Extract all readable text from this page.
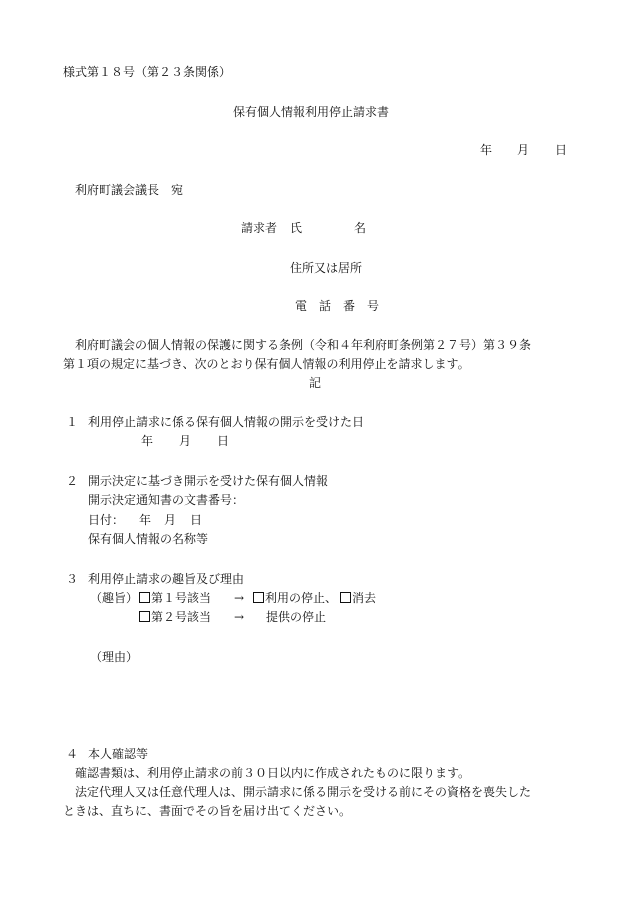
様式第１８号（第２３条関係）
保有個人情報利用停止請求書
年 月 日
利府町議会議長　宛
請求者 氏	名
住所又は居所
電　話　番　号
利府町議会の個人情報の保護に関する条例（令和４年利府町条例第２７号）第３９条
第１項の規定に基づき、次のとおり保有個人情報の利用停止を請求します。
記
１ 利用停止請求に係る保有個人情報の開示を受けた日
年 月 日
２ 開示決定に基づき開示を受けた保有個人情報
開示決定通知書の文書番号：
日付： 年 月 日
保有個人情報の名称等
３ 利用停止請求の趣旨及び理由
（趣旨）	第１号該当 →	利用の停止、	消去
第２号該当 → 提供の停止
（理由）
４ 本人確認等
確認書類は、利用停止請求の前３０日以内に作成されたものに限ります。
法定代理人又は任意代理人は、開示請求に係る開示を受ける前にその資格を喪失した
ときは、直ちに、書面でその旨を届け出てください。
